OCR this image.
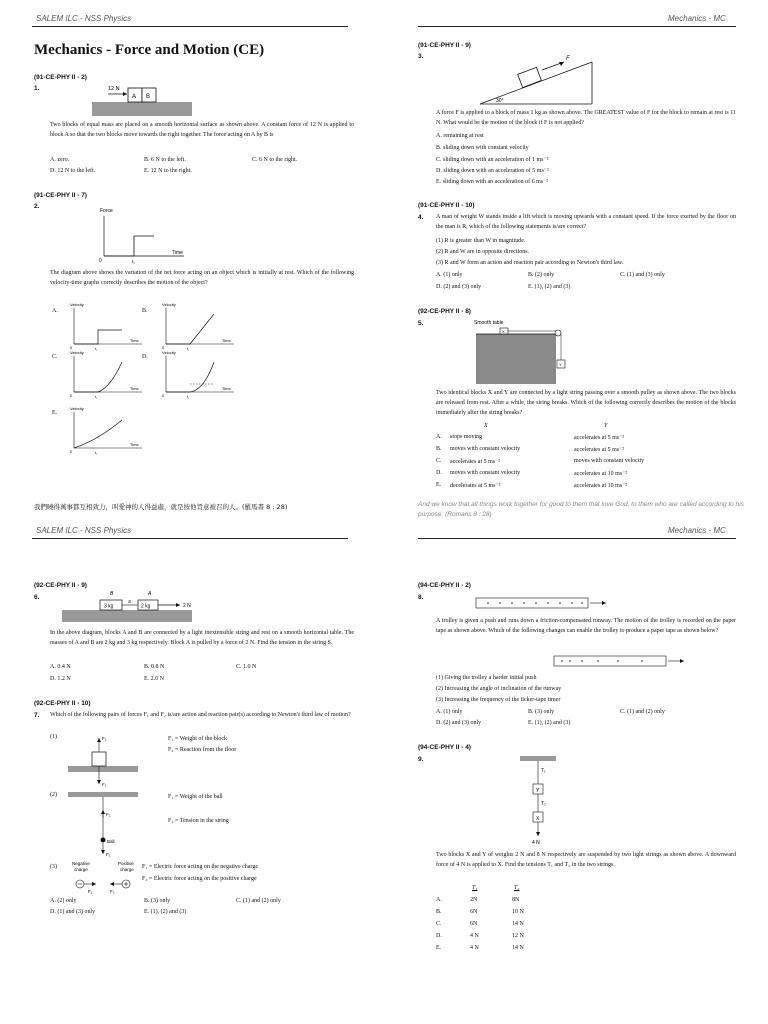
SALEM ILC - NSS Physics
Mechanics - Force and Motion (CE)
(91-CE-PHY II - 2)
1.
A B
12 N
Two blocks of equal mass are placed on a smooth horizontal surface as shown above. A constant force of 12 N is applied to block A so that the two blocks move towards the right together. The force acting on A by B is
A. zero.	B. 6 N to the left.	C. 6 N to the right.
D. 12 N to the left.	E. 12 N to the right.
(91-CE-PHY II - 7)
2.
Force
Time
0	t₁
The diagram above shows the variation of the net force acting on an object which is initially at rest. Which of the following velocity-time graphs correctly describes the motion of the object?
A.
Velocity
Time
0	t₁
B.
Velocity
Time
0	t₁
C.
Velocity
Time
0	t₁
D.
Velocity
Time
0	t₁
E.
Velocity
Time
0	t₁
我們曉得萬事都互相效力，叫愛神的人得益處，就是按他旨意被召的人。(羅馬書 8 : 28)
Mechanics - MC
(91-CE-PHY II - 9)
3.	F
30°
A force F is applied to a block of mass 1 kg as shown above. The GREATEST value of F for the block to remain at rest is 11 N. What would be the motion of the block if F is not applied?
A. remaining at rest
B. sliding down with constant velocity
C. sliding down with an acceleration of 1 ms⁻²
D. sliding down with an acceleration of 5 ms⁻²
E. sliding down with an acceleration of 6 ms⁻²
(91-CE-PHY II - 10)
4. A man of weight W stands inside a lift which is moving upwards with a constant speed. If the force exerted by the floor on the man is R, which of the following statements is/are correct?
(1) R is greater than W in magnitude.
(2) R and W are in opposite directions.
(3) R and W form an action and reaction pair according to Newton's third law.
A. (1) only	B. (2) only	C. (1) and (3) only
D. (2) and (3) only	E. (1), (2) and (3)
(92-CE-PHY II - 8)
5.	Smooth table
X
Y
Two identical blocks X and Y are connected by a light string passing over a smooth pulley as shown above. The two blocks are released from rest. After a while, the string breaks. Which of the following correctly describes the motion of the blocks immediately after the string breaks?
X	Y
A. stops moving	accelerates at 5 ms⁻²
B. moves with constant velocity	accelerates at 5 ms⁻²
C. accelerates at 5 ms⁻²	moves with constant velocity
D. moves with constant velocity	accelerates at 10 ms⁻²
E. decelerates at 5 ms⁻²	accelerates at 10 ms⁻²
And we know that all things work together for good to them that love God, to them who are called according to his purpose. (Romans 8 : 28)
SALEM ILC - NSS Physics
(92-CE-PHY II - 9)
6.	B	A
3 kg
S
2 kg	2 N
In the above diagram, blocks A and B are connected by a light inextensible string and rest on a smooth horizontal table. The masses of A and B are 2 kg and 3 kg respectively. Block A is pulled by a force of 2 N. Find the tension in the string S.
A. 0.4 N	B. 0.8 N	C. 1.0 N
D. 1.2 N	E. 2.0 N
(92-CE-PHY II - 10)
7. Which of the following pairs of forces F₁ and F₂ is/are action and reaction pair(s) according to Newton's third law of motion?
(1)	F₂
F₁
F₁ = Weight of the block
F₂ = Reaction from the floor
(2)
F₂
Ball
F₁
F₁ = Weight of the ball
F₂ = Tension in the string
(3)
Negative
charge
Positive
charge
F₁	F₂
F₁ = Electric force acting on the negative charge
F₂ = Electric force acting on the positive charge
A. (2) only	B. (3) only	C. (1) and (2) only
D. (1) and (3) only	E. (1), (2) and (3)
Mechanics - MC
(94-CE-PHY II - 2)
8.
A trolley is given a push and runs down a friction-compensated runway. The motion of the trolley is recorded on the paper tape as shown above. Which of the following changes can enable the trolley to produce a paper tape as shown below?
(1) Giving the trolley a harder initial push
(2) Increasing the angle of inclination of the runway
(3) Increasing the frequency of the ticker-tape timer
A. (1) only	B. (3) only	C. (1) and (2) only
D. (2) and (3) only	E. (1), (2) and (3)
(94-CE-PHY II - 4)
9.
T₁
Y
T₂
X
4 N
Two blocks X and Y of weights 2 N and 8 N respectively are suspended by two light strings as shown above. A downward force of 4 N is applied to X. Find the tensions T₁ and T₂ in the two strings.
T₁	T₂
A.	2N	8N
B.	6N	10 N
C.	6N	14 N
D.	4 N	12 N
E.	4 N	14 N
